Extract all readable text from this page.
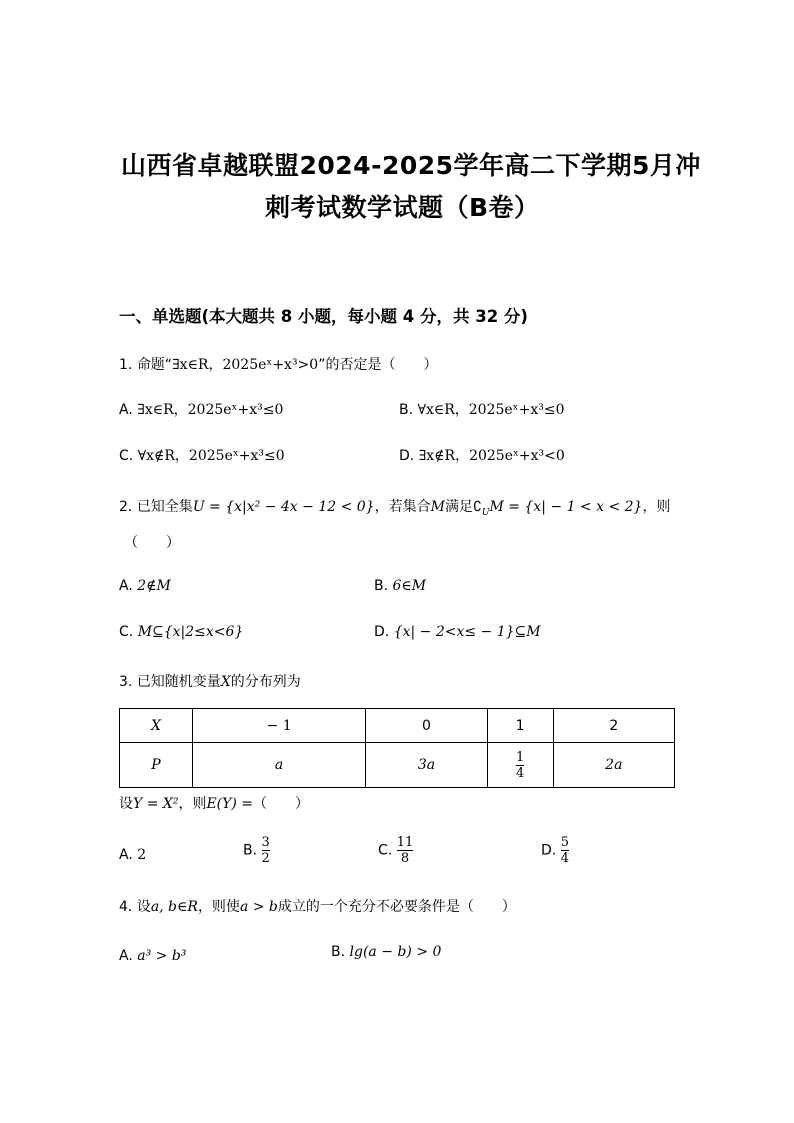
山西省卓越联盟2024-2025学年高二下学期5月冲
刺考试数学试题（B卷）
一、单选题(本大题共 8 小题，每小题 4 分，共 32 分)
1. 命题“∃x∈R，2025eˣ+x³>0”的否定是（　　）
A. ∃x∈R，2025eˣ+x³≤0	B. ∀x∈R，2025eˣ+x³≤0
C. ∀x∉R，2025eˣ+x³≤0	D. ∃x∉R，2025eˣ+x³<0
2. 已知全集U = {x|x² − 4x − 12 < 0}，若集合M满足$∁_UM = \{x| - 1 < x < 2\}$，则
（　　）
A. 2∉M	B. 6∈M
C. M⊆{x|2≤x<6}	D. {x| − 2<x≤ − 1}⊆M
3. 已知随机变量X的分布列为
X	− 1	0	1	2
P	a	3a	$\frac{1}{4}$	2a
设Y = X²，则E(Y) =（　　）
A. 2	B. $\frac{3}{2}$	C. $\frac{11}{8}$	D. $\frac{5}{4}$
4. 设a, b∈R，则使a > b成立的一个充分不必要条件是（　　）
A. a³ > b³	B. lg(a − b) > 0
